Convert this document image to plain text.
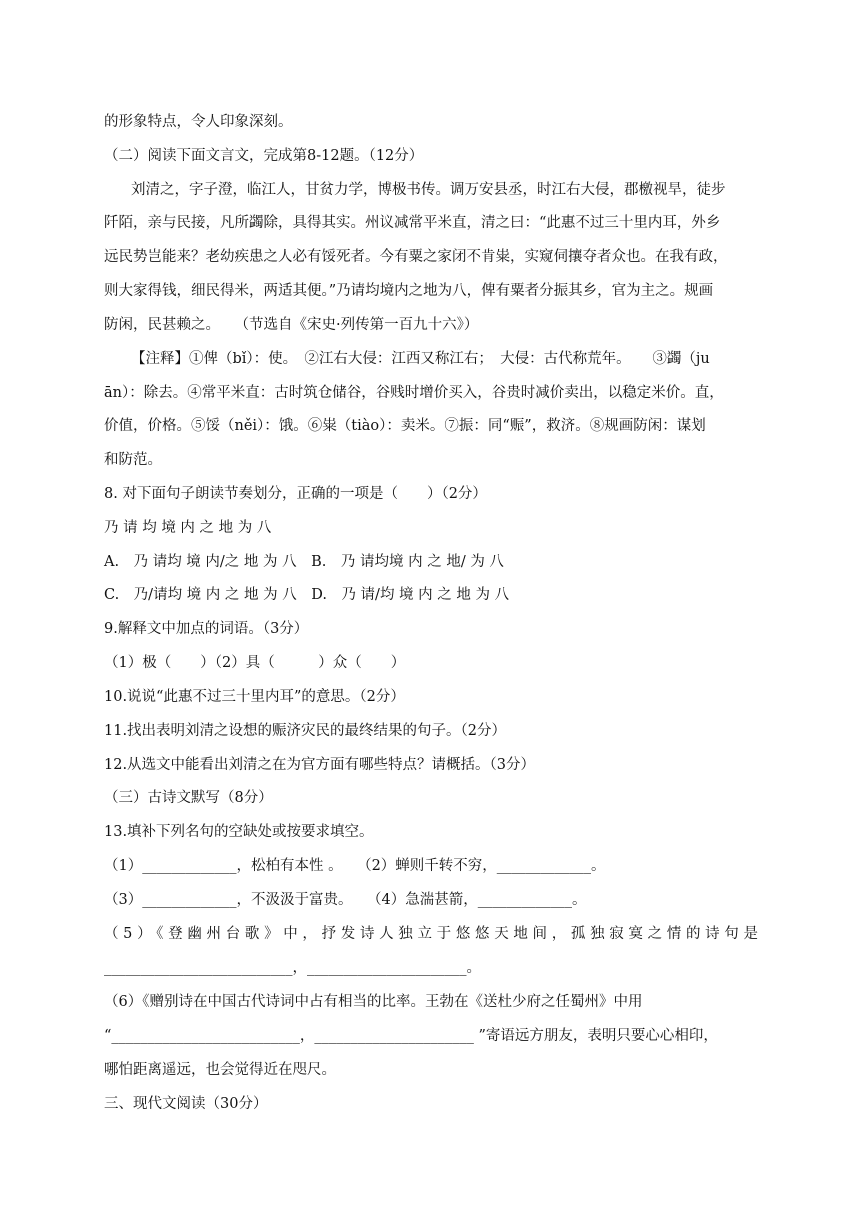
的形象特点，令人印象深刻。
（二）阅读下面文言文，完成第8-12题。（12分）
刘清之，字子澄，临江人，甘贫力学，博极书传。调万安县丞，时江右大侵，郡檄视旱，徒步
阡陌，亲与民接，凡所蠲除，具得其实。州议减常平米直，清之曰：“此惠不过三十里内耳，外乡
远民势岂能来？老幼疾患之人必有馁死者。今有粟之家闭不肯粜，实窥伺攘夺者众也。在我有政，
则大家得钱，细民得米，两适其便。”乃请均境内之地为八，俾有粟者分振其乡，官为主之。规画
防闲，民甚赖之。　　（节选自《宋史·列传第一百九十六》）
【注释】①俾（bǐ）：使。　②江右大侵：江西又称江右；　大侵：古代称荒年。　　③蠲（ju
ān）：除去。④常平米直：古时筑仓储谷，谷贱时增价买入，谷贵时减价卖出，以稳定米价。直，
价值，价格。⑤馁（něi）：饿。⑥粜（tiào）：卖米。⑦振：同“赈”，救济。⑧规画防闲：谋划
和防范。
8. 对下面句子朗读节奏划分，正确的一项是（　　）（2分）
乃 请 均 境 内 之 地 为 八
A.　乃 请均 境 内/之 地 为 八　B.　乃 请均境 内 之 地/ 为 八
C.　乃/请均 境 内 之 地 为 八　D.　乃 请/均 境 内 之 地 为 八
9.解释文中加点的词语。（3分）
（1）极（　　）（2）具（　　　）众（　　）
10.说说“此惠不过三十里内耳”的意思。（2分）
11.找出表明刘清之设想的赈济灾民的最终结果的句子。（2分）
12.从选文中能看出刘清之在为官方面有哪些特点？请概括。（3分）
（三）古诗文默写（8分）
13.填补下列名句的空缺处或按要求填空。
（1）_____________，松柏有本性 。　　（2）蝉则千转不穷，_____________。
（3）_____________，不汲汲于富贵。　　（4）急湍甚箭，_____________。
（5）《登幽州台歌》中，抒发诗人独立于悠悠天地间，孤独寂寞之情的诗句是
__________________________，______________________。
（6）《赠别诗在中国古代诗词中占有相当的比率。王勃在《送杜少府之任蜀州》中用
“__________________________，______________________ ”寄语远方朋友，表明只要心心相印，
哪怕距离遥远，也会觉得近在咫尺。
三、现代文阅读（30分）
